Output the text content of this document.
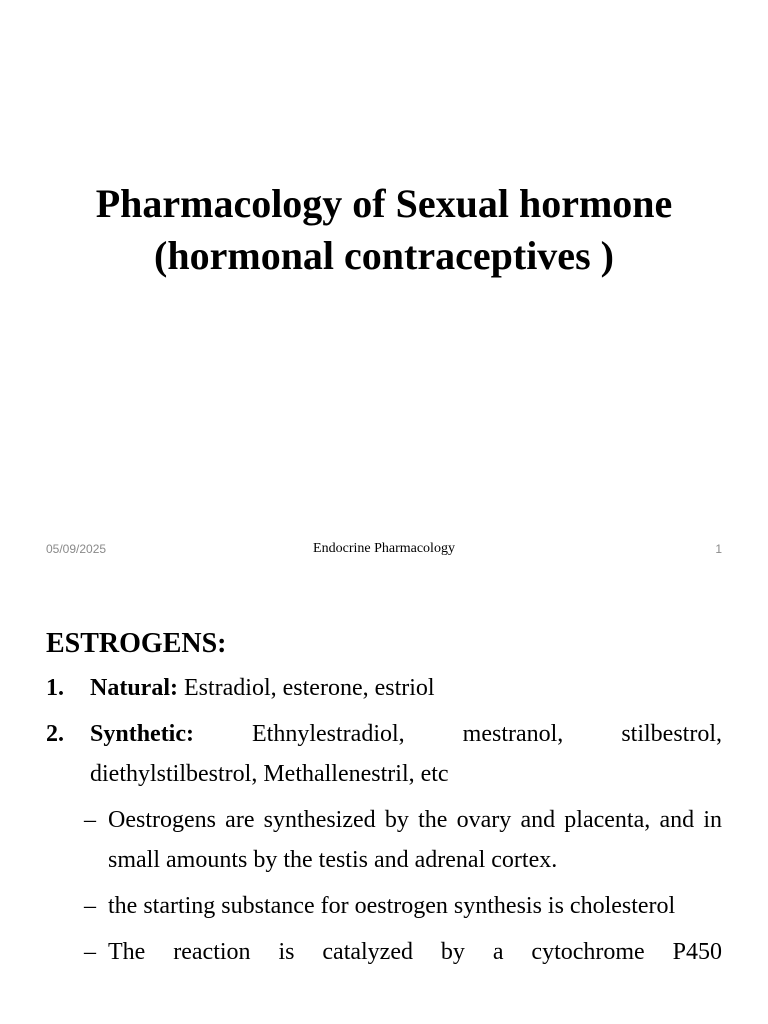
Pharmacology of Sexual hormone
(hormonal contraceptives )
05/09/2025	Endocrine Pharmacology	1
ESTROGENS:
1. Natural: Estradiol, esterone, estriol
2. Synthetic: Ethnylestradiol, mestranol, stilbestrol, diethylstilbestrol, Methallenestril, etc
– Oestrogens are synthesized by the ovary and placenta, and in small amounts by the testis and adrenal cortex.
– the starting substance for oestrogen synthesis is cholesterol
– The reaction is catalyzed by a cytochrome P450
